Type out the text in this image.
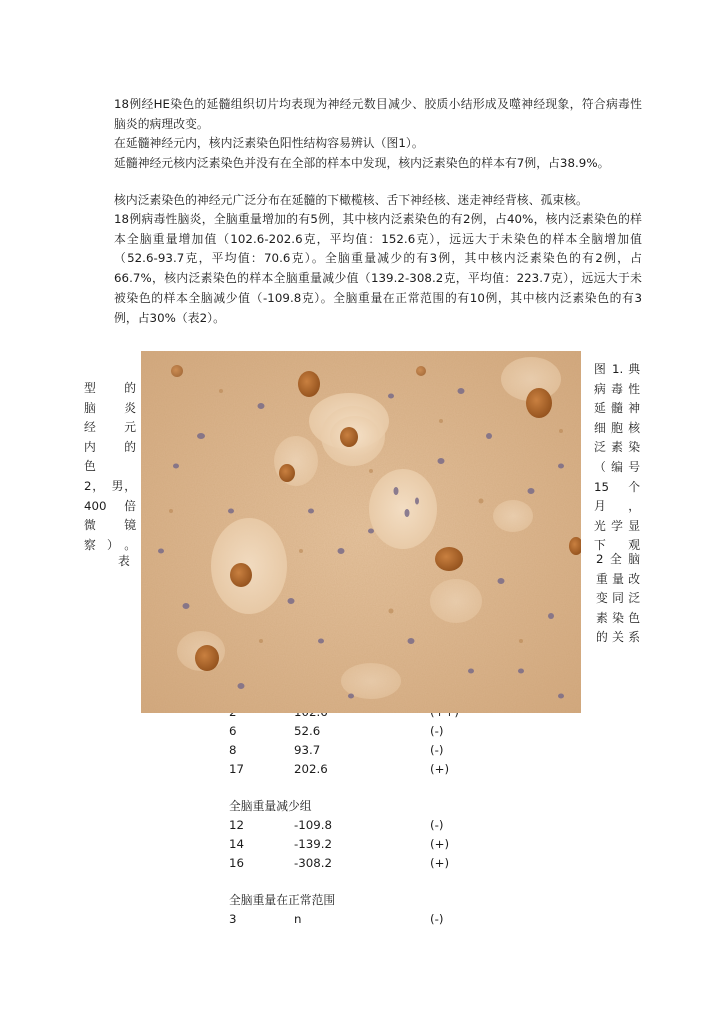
18例经HE染色的延髓组织切片均表现为神经元数目减少、胶质小结形成及噬神经现象，符合病毒性脑炎的病理改变。

在延髓神经元内，核内泛素染色阳性结构容易辨认（图1）。

延髓神经元核内泛素染色并没有在全部的样本中发现，核内泛素染色的样本有7例，占38.9%。

核内泛素染色的神经元广泛分布在延髓的下橄榄核、舌下神经核、迷走神经背核、孤束核。

18例病毒性脑炎，全脑重量增加的有5例，其中核内泛素染色的有2例，占40%，核内泛素染色的样本全脑重量增加值（102.6-202.6克，平均值：152.6克），远远大于未染色的样本全脑增加值（52.6-93.7克，平均值：70.6克）。全脑重量减少的有3例，其中核内泛素染色的有2例，占66.7%，核内泛素染色的样本全脑重量减少值（139.2-308.2克，平均值：223.7克），远远大于未被染色的样本全脑减少值（-109.8克）。全脑重量在正常范围的有10例，其中核内泛素染色的有3例，占30%（表2）。

型　的
脑　炎
经　元
内　的
色
2，　男，
400　倍
微　镜
察）。
图 1. 典
病毒性
延髓神
细胞核
泛素染
（编号
15个月，
光学显
下　观
表	2全脑
重量改
变同泛
素染色
的关系
6	52.6	(-)
8	93.7	(-)
17	202.6	(+)
全脑重量减少组
12	-109.8	(-)
14	-139.2	(+)
16	-308.2	(+)
全脑重量在正常范围
3	n	(-)
